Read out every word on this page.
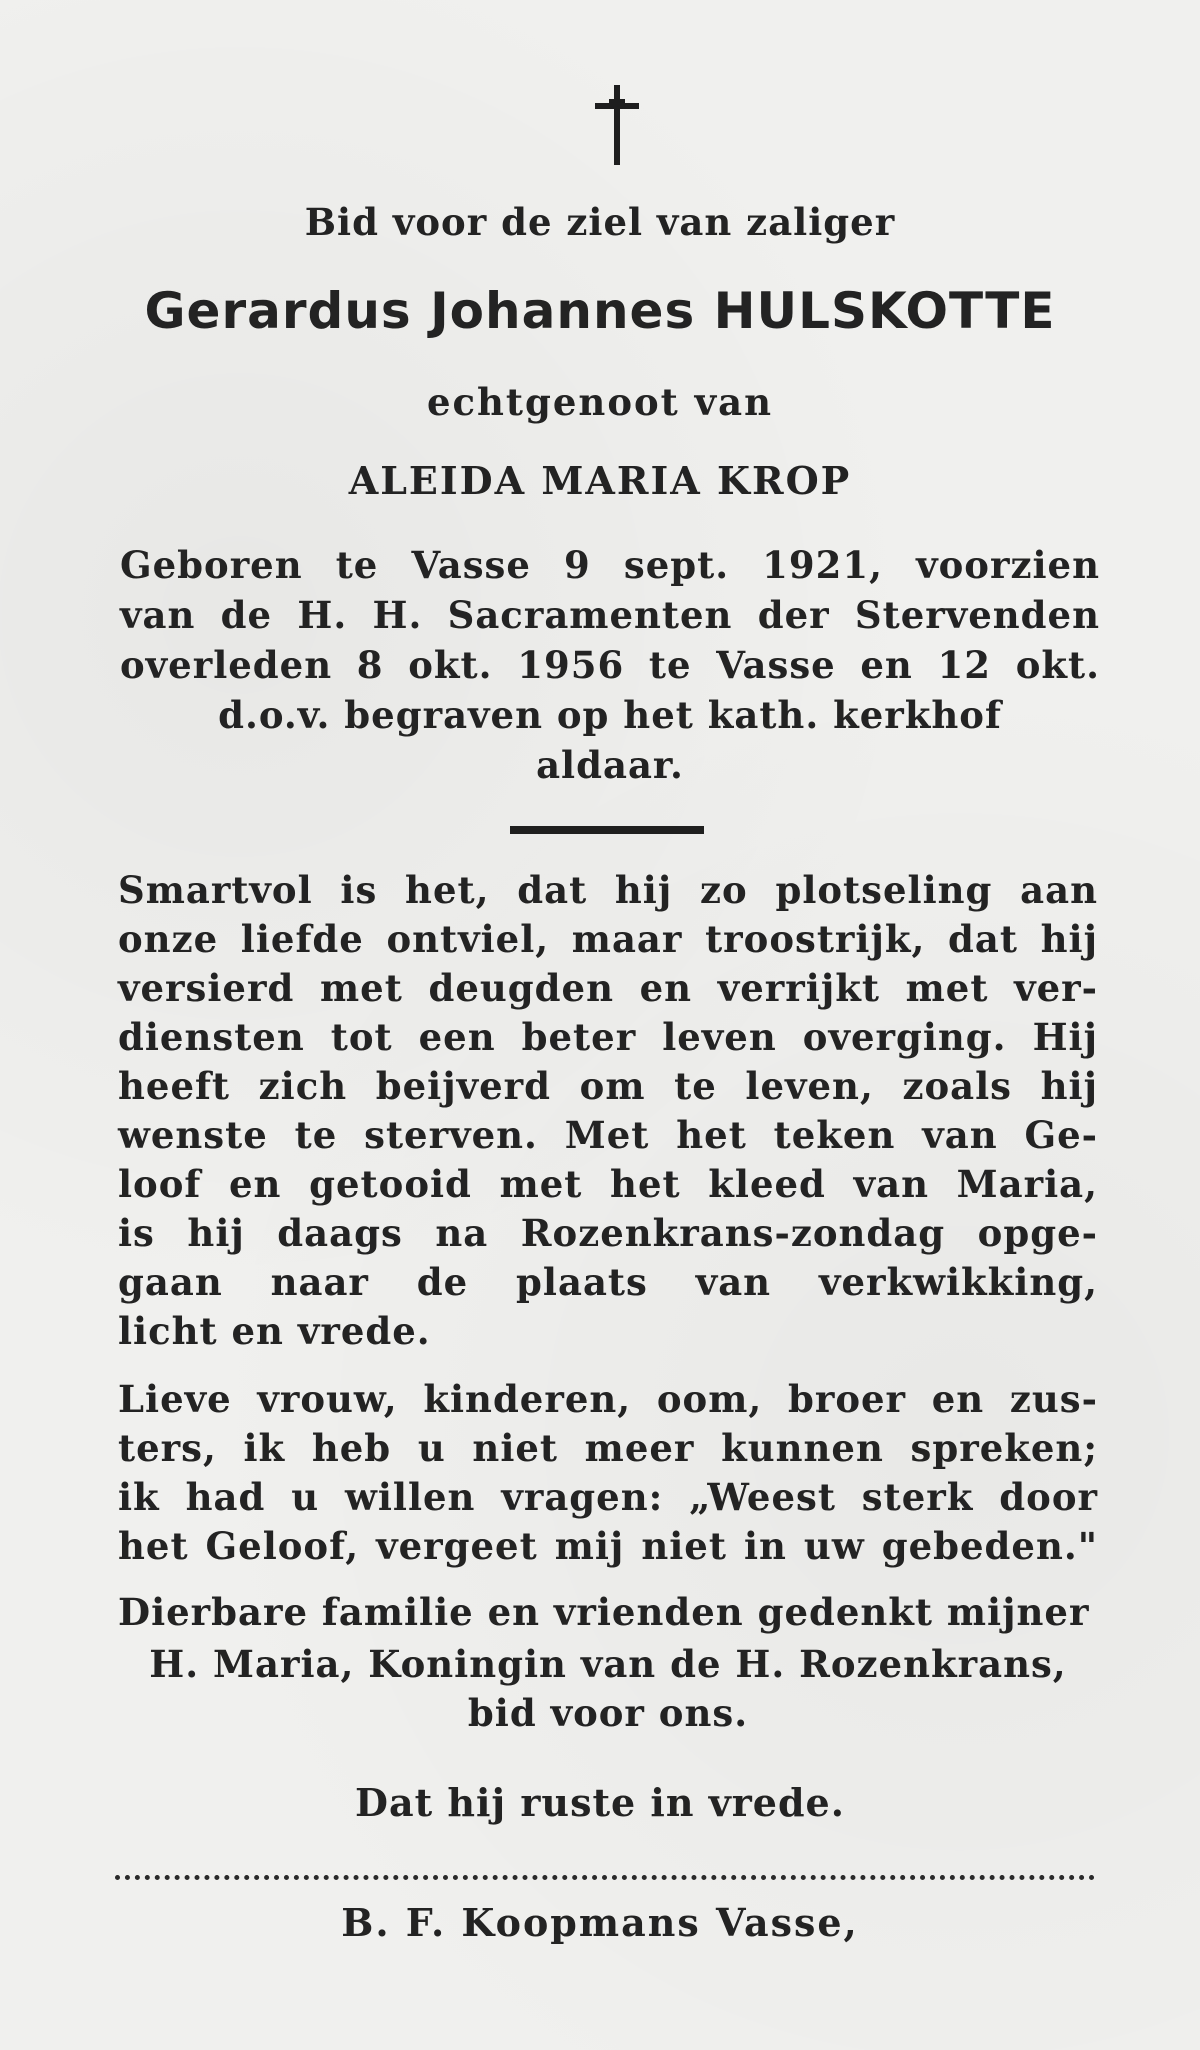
Bid voor de ziel van zaliger
Gerardus Johannes HULSKOTTE
echtgenoot van
ALEIDA MARIA KROP
Geboren te Vasse 9 sept. 1921, voorzien
van de H. H. Sacramenten der Stervenden
overleden 8 okt. 1956 te Vasse en 12 okt.
d.o.v. begraven op het kath. kerkhof
aldaar.
Smartvol is het, dat hij zo plotseling aan
onze liefde ontviel, maar troostrijk, dat hij
versierd met deugden en verrijkt met ver-
diensten tot een beter leven overging. Hij
heeft zich beijverd om te leven, zoals hij
wenste te sterven. Met het teken van Ge-
loof en getooid met het kleed van Maria,
is hij daags na Rozenkrans-zondag opge-
gaan naar de plaats van verkwikking,
licht en vrede.
Lieve vrouw, kinderen, oom, broer en zus-
ters, ik heb u niet meer kunnen spreken;
ik had u willen vragen: „Weest sterk door
het Geloof, vergeet mij niet in uw gebeden."
Dierbare familie en vrienden gedenkt mijner
H. Maria, Koningin van de H. Rozenkrans,
bid voor ons.
Dat hij ruste in vrede.
B. F. Koopmans Vasse,
